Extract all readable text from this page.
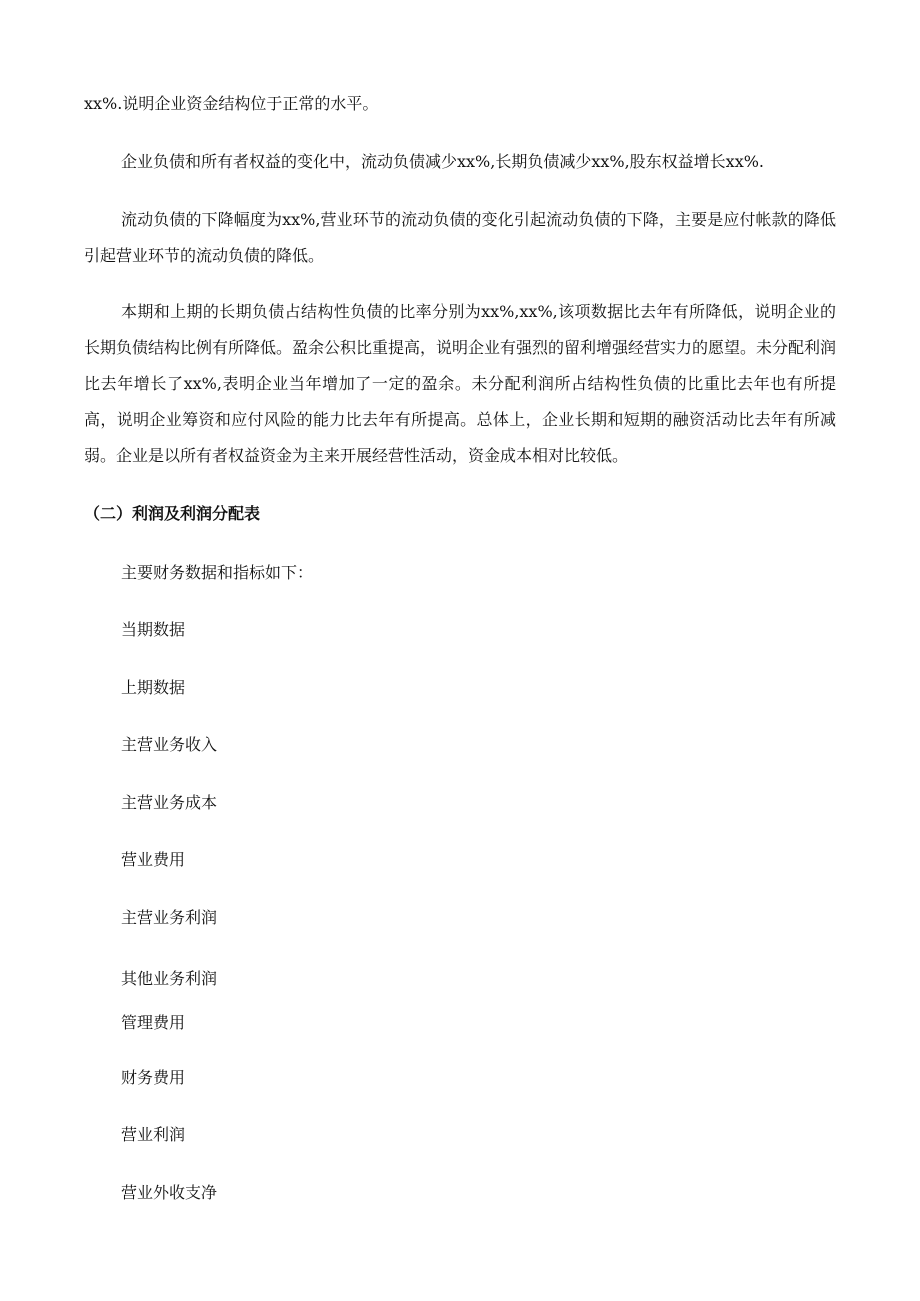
xx%.说明企业资金结构位于正常的水平。
企业负债和所有者权益的变化中，流动负债减少xx%,长期负债减少xx%,股东权益增长xx%.
流动负债的下降幅度为xx%,营业环节的流动负债的变化引起流动负债的下降，主要是应付帐款的降低引起营业环节的流动负债的降低。
本期和上期的长期负债占结构性负债的比率分别为xx%,xx%,该项数据比去年有所降低，说明企业的长期负债结构比例有所降低。盈余公积比重提高，说明企业有强烈的留利增强经营实力的愿望。未分配利润比去年增长了xx%,表明企业当年增加了一定的盈余。未分配利润所占结构性负债的比重比去年也有所提高，说明企业筹资和应付风险的能力比去年有所提高。总体上，企业长期和短期的融资活动比去年有所减弱。企业是以所有者权益资金为主来开展经营性活动，资金成本相对比较低。
（二）利润及利润分配表
主要财务数据和指标如下：
当期数据
上期数据
主营业务收入
主营业务成本
营业费用
主营业务利润
其他业务利润
管理费用
财务费用
营业利润
营业外收支净
